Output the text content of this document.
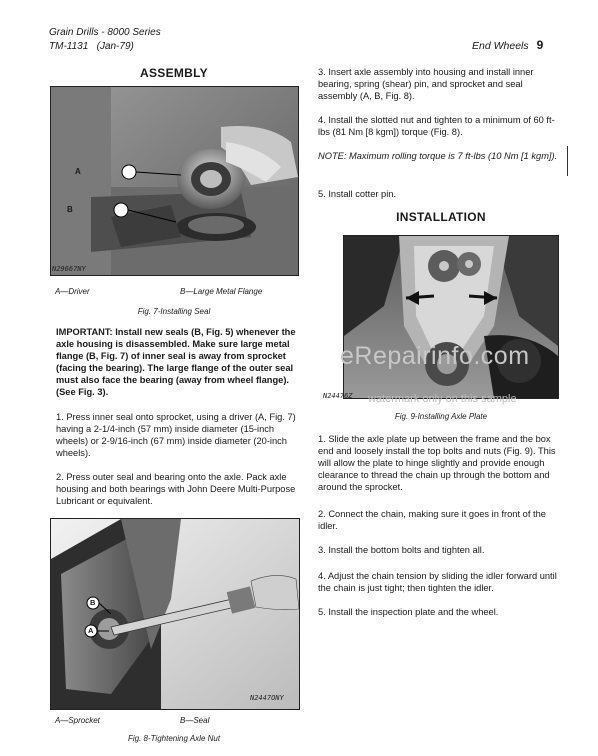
Grain Drills - 8000 Series
TM-1131   (Jan-79)	End Wheels 9
ASSEMBLY
A
B
N29667NY
A—Driver	B—Large Metal Flange
Fig. 7-Installing Seal

IMPORTANT: Install new seals (B, Fig. 5) whenever the axle housing is disassembled. Make sure large metal flange (B, Fig. 7) of inner seal is away from sprocket (facing the bearing). The large flange of the outer seal must also face the bearing (away from wheel flange). (See Fig. 3).

1. Press inner seal onto sprocket, using a driver (A, Fig. 7) having a 2-1/4-inch (57 mm) inside diameter (15-inch wheels) or 2-9/16-inch (67 mm) inside diameter (20-inch wheels).

2. Press outer seal and bearing onto the axle. Pack axle housing and both bearings with John Deere Multi-Purpose Lubricant or equivalent.

B
A
N2447ONY
A—Sprocket	B—Seal
Fig. 8-Tightening Axle Nut

3. Insert axle assembly into housing and install inner bearing, spring (shear) pin, and sprocket and seal assembly (A, B, Fig. 8).

4. Install the slotted nut and tighten to a minimum of 60 ft-lbs (81 Nm [8 kgm]) torque (Fig. 8).

NOTE: Maximum rolling torque is 7 ft-lbs (10 Nm [1 kgm]).

5. Install cotter pin.

INSTALLATION
N24476Z
Fig. 9-Installing Axle Plate

1. Slide the axle plate up between the frame and the box end and loosely install the top bolts and nuts (Fig. 9). This will allow the plate to hinge slightly and provide enough clearance to thread the chain up through the bottom and around the sprocket.

2. Connect the chain, making sure it goes in front of the idler.

3. Install the bottom bolts and tighten all.

4. Adjust the chain tension by sliding the idler forward until the chain is just tight; then tighten the idler.

5. Install the inspection plate and the wheel.

eRepairinfo.com
watermark only on this sample
